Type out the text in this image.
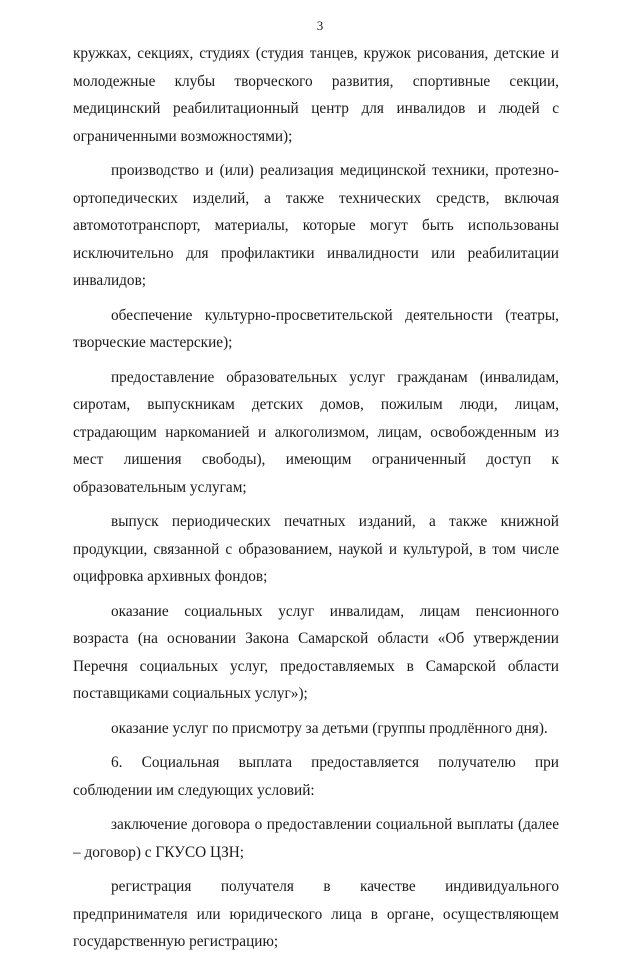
3

кружках, секциях, студиях (студия танцев, кружок рисования, детские и молодежные клубы творческого развития, спортивные секции, медицинский реабилитационный центр для инвалидов и людей с ограниченными возможностями);

производство и (или) реализация медицинской техники, протезно-ортопедических изделий, а также технических средств, включая автомототранспорт, материалы, которые могут быть использованы исключительно для профилактики инвалидности или реабилитации инвалидов;

обеспечение культурно-просветительской деятельности (театры, творческие мастерские);

предоставление образовательных услуг гражданам (инвалидам, сиротам, выпускникам детских домов, пожилым люди, лицам, страдающим наркоманией и алкоголизмом, лицам, освобожденным из мест лишения свободы), имеющим ограниченный доступ к образовательным услугам;

выпуск периодических печатных изданий, а также книжной продукции, связанной с образованием, наукой и культурой, в том числе оцифровка архивных фондов;

оказание социальных услуг инвалидам, лицам пенсионного возраста (на основании Закона Самарской области «Об утверждении Перечня социальных услуг, предоставляемых в Самарской области поставщиками социальных услуг»);

оказание услуг по присмотру за детьми (группы продлённого дня).

6. Социальная выплата предоставляется получателю при соблюдении им следующих условий:

заключение договора о предоставлении социальной выплаты (далее – договор) с ГКУСО ЦЗН;

регистрация получателя в качестве индивидуального предпринимателя или юридического лица в органе, осуществляющем государственную регистрацию;
